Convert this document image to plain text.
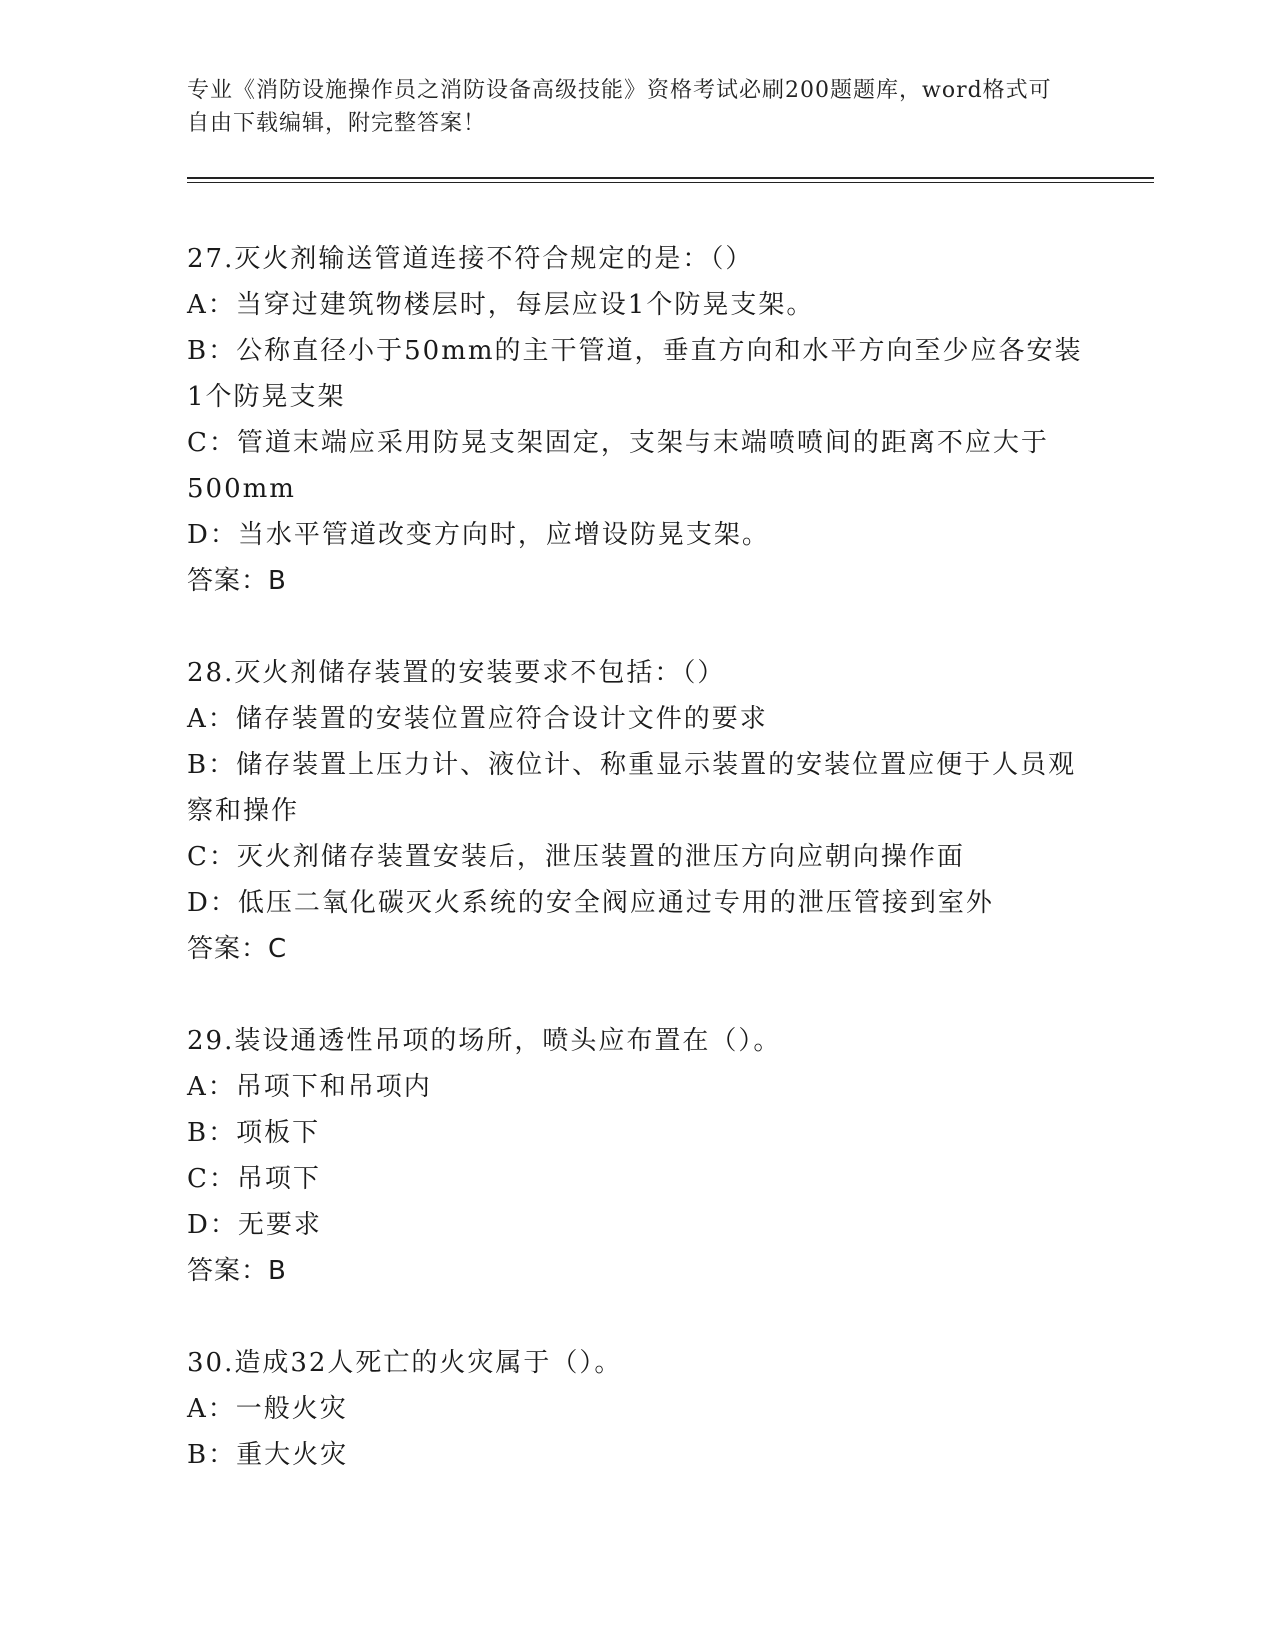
专业《消防设施操作员之消防设备高级技能》资格考试必刷200题题库，word格式可自由下载编辑，附完整答案！
27.灭火剂输送管道连接不符合规定的是：（）
A：当穿过建筑物楼层时，每层应设1个防晃支架。
B：公称直径小于50mm的主干管道，垂直方向和水平方向至少应各安装1个防晃支架
C：管道末端应采用防晃支架固定，支架与末端喷喷间的距离不应大于500mm
D：当水平管道改变方向时，应增设防晃支架。
答案：B
28.灭火剂储存装置的安装要求不包括：（）
A：储存装置的安装位置应符合设计文件的要求
B：储存装置上压力计、液位计、称重显示装置的安装位置应便于人员观察和操作
C：灭火剂储存装置安装后，泄压装置的泄压方向应朝向操作面
D：低压二氧化碳灭火系统的安全阀应通过专用的泄压管接到室外
答案：C
29.装设通透性吊项的场所，喷头应布置在（）。
A：吊项下和吊项内
B：项板下
C：吊项下
D：无要求
答案：B
30.造成32人死亡的火灾属于（）。
A：一般火灾
B：重大火灾
